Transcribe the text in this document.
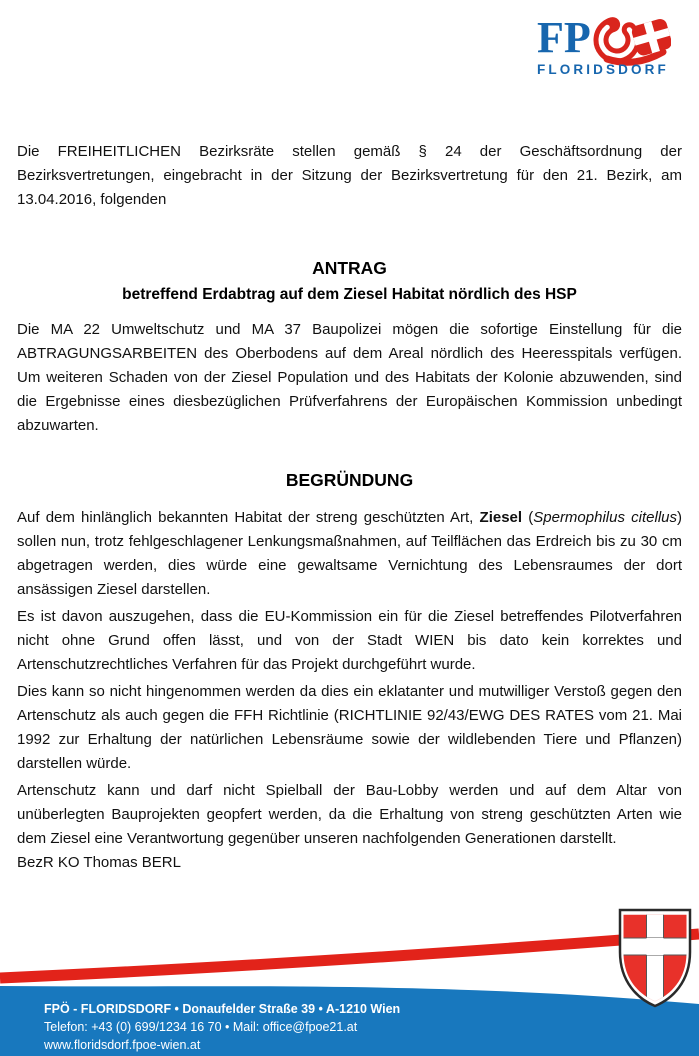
FP
FLORIDSDORF

Die FREIHEITLICHEN Bezirksräte stellen gemäß § 24 der Geschäftsordnung der Bezirksvertretungen, eingebracht in der Sitzung der Bezirksvertretung für den 21. Bezirk, am 13.04.2016, folgenden

ANTRAG
betreffend Erdabtrag auf dem Ziesel Habitat nördlich des HSP

Die MA 22 Umweltschutz und MA 37 Baupolizei mögen die sofortige Einstellung für die ABTRAGUNGSARBEITEN des Oberbodens auf dem Areal nördlich des Heeresspitals verfügen. Um weiteren Schaden von der Ziesel Population und des Habitats der Kolonie abzuwenden, sind die Ergebnisse eines diesbezüglichen Prüfverfahrens der Europäischen Kommission unbedingt abzuwarten.

BEGRÜNDUNG

Auf dem hinlänglich bekannten Habitat der streng geschützten Art, Ziesel (Spermophilus citellus) sollen nun, trotz fehlgeschlagener Lenkungsmaßnahmen, auf Teilflächen das Erdreich bis zu 30 cm abgetragen werden, dies würde eine gewaltsame Vernichtung des Lebensraumes der dort ansässigen Ziesel darstellen.

Es ist davon auszugehen, dass die EU-Kommission ein für die Ziesel betreffendes Pilotverfahren nicht ohne Grund offen lässt, und von der Stadt WIEN bis dato kein korrektes und Artenschutzrechtliches Verfahren für das Projekt durchgeführt wurde.

Dies kann so nicht hingenommen werden da dies ein eklatanter und mutwilliger Verstoß gegen den Artenschutz als auch gegen die FFH Richtlinie (RICHTLINIE 92/43/EWG DES RATES vom 21. Mai 1992 zur Erhaltung der natürlichen Lebensräume sowie der wildlebenden Tiere und Pflanzen) darstellen würde.

Artenschutz kann und darf nicht Spielball der Bau-Lobby werden und auf dem Altar von unüberlegten Bauprojekten geopfert werden, da die Erhaltung von streng geschützten Arten wie dem Ziesel eine Verantwortung gegenüber unseren nachfolgenden Generationen darstellt.

BezR KO Thomas BERL

FPÖ - FLORIDSDORF • Donaufelder Straße 39 • A-1210 Wien
Telefon: +43 (0) 699/1234 16 70 • Mail: office@fpoe21.at
www.floridsdorf.fpoe-wien.at
